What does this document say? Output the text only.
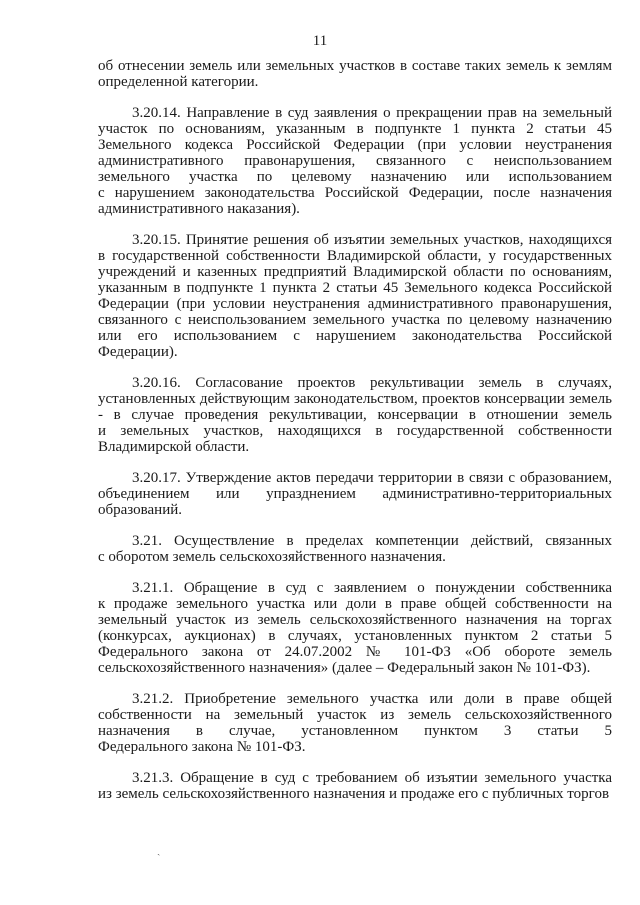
11
об отнесении земель или земельных участков в составе таких земель к землям
определенной категории.
3.20.14. Направление в суд заявления о прекращении прав на земельный
участок по основаниям, указанным в подпункте 1 пункта 2 статьи 45
Земельного кодекса Российской Федерации (при условии неустранения
административного правонарушения, связанного с неиспользованием
земельного участка по целевому назначению или использованием
с нарушением законодательства Российской Федерации, после назначения
административного наказания).
3.20.15. Принятие решения об изъятии земельных участков, находящихся
в государственной собственности Владимирской области, у государственных
учреждений и казенных предприятий Владимирской области по основаниям,
указанным в подпункте 1 пункта 2 статьи 45 Земельного кодекса Российской
Федерации (при условии неустранения административного правонарушения,
связанного с неиспользованием земельного участка по целевому назначению
или его использованием с нарушением законодательства Российской
Федерации).
3.20.16. Согласование проектов рекультивации земель в случаях,
установленных действующим законодательством, проектов консервации земель
- в случае проведения рекультивации, консервации в отношении земель
и земельных участков, находящихся в государственной собственности
Владимирской области.
3.20.17. Утверждение актов передачи территории в связи с образованием,
объединением или упразднением административно-территориальных
образований.
3.21. Осуществление в пределах компетенции действий, связанных
с оборотом земель сельскохозяйственного назначения.
3.21.1. Обращение в суд с заявлением о понуждении собственника
к продаже земельного участка или доли в праве общей собственности на
земельный участок из земель сельскохозяйственного назначения на торгах
(конкурсах, аукционах) в случаях, установленных пунктом 2 статьи 5
Федерального закона от 24.07.2002 № 101-ФЗ «Об обороте земель
сельскохозяйственного назначения» (далее – Федеральный закон № 101-ФЗ).
3.21.2. Приобретение земельного участка или доли в праве общей
собственности на земельный участок из земель сельскохозяйственного
назначения в случае, установленном пунктом 3 статьи 5
Федерального закона № 101-ФЗ.
3.21.3. Обращение в суд с требованием об изъятии земельного участка
из земель сельскохозяйственного назначения и продаже его с публичных торгов
ˏ
